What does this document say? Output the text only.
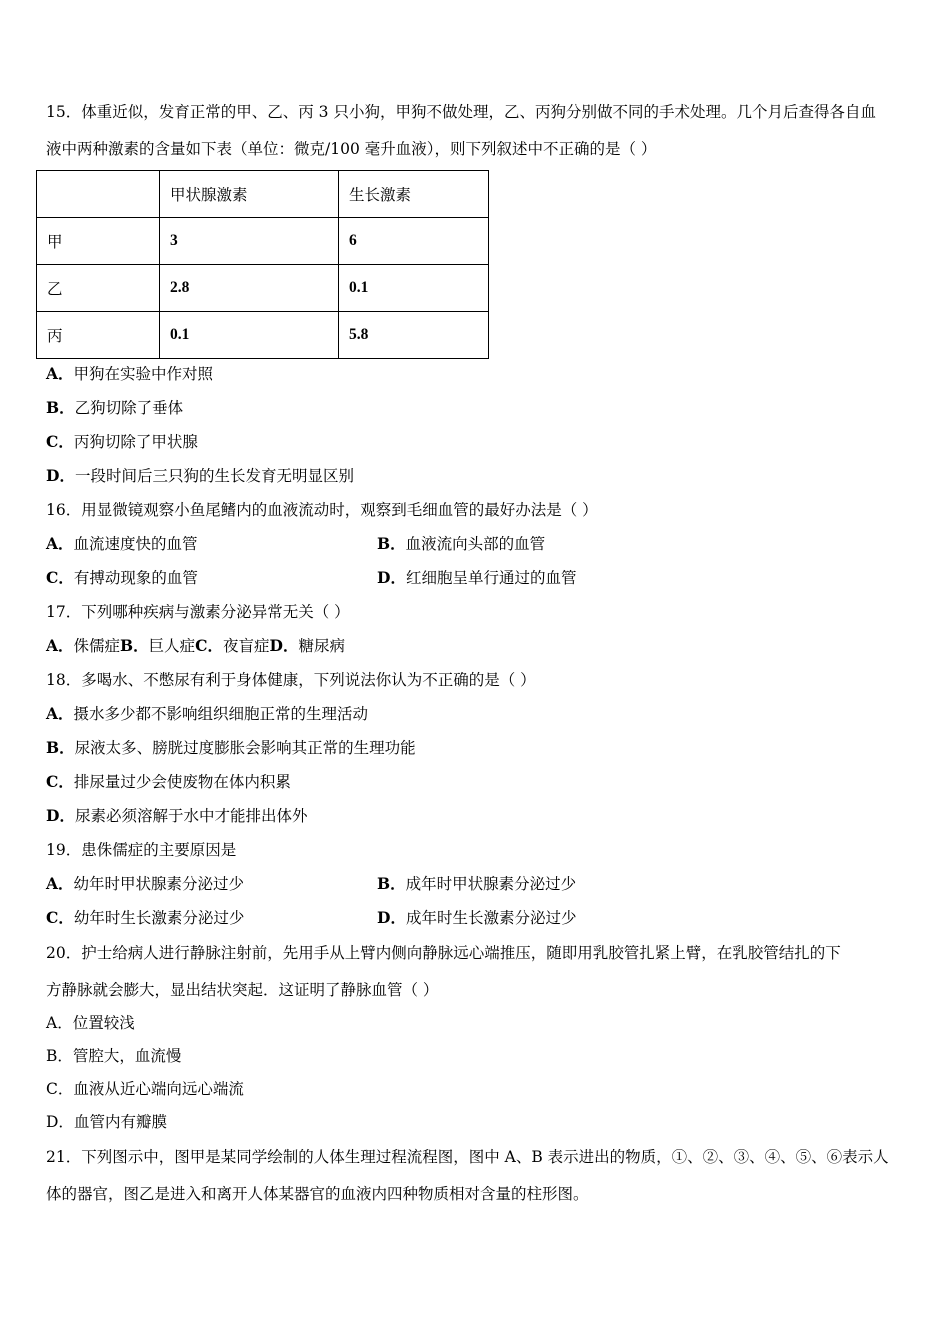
15．体重近似，发育正常的甲、乙、丙 3 只小狗，甲狗不做处理，乙、丙狗分别做不同的手术处理。几个月后查得各自血
液中两种激素的含量如下表（单位：微克/100 毫升血液），则下列叙述中不正确的是（ ）
	甲状腺激素	生长激素
甲	3	6
乙	2.8	0.1
丙	0.1	5.8
A．甲狗在实验中作对照
B．乙狗切除了垂体
C．丙狗切除了甲状腺
D．一段时间后三只狗的生长发育无明显区别
16．用显微镜观察小鱼尾鳍内的血液流动时，观察到毛细血管的最好办法是（ ）
A．血流速度快的血管	B．血液流向头部的血管
C．有搏动现象的血管	D．红细胞呈单行通过的血管
17．下列哪种疾病与激素分泌异常无关（ ）
A．侏儒症B．巨人症C．夜盲症D．糖尿病
18．多喝水、不憋尿有利于身体健康，下列说法你认为不正确的是（ ）
A．摄水多少都不影响组织细胞正常的生理活动
B．尿液太多、膀胱过度膨胀会影响其正常的生理功能
C．排尿量过少会使废物在体内积累
D．尿素必须溶解于水中才能排出体外
19．患侏儒症的主要原因是
A．幼年时甲状腺素分泌过少	B．成年时甲状腺素分泌过少
C．幼年时生长激素分泌过少	D．成年时生长激素分泌过少
20．护士给病人进行静脉注射前，先用手从上臂内侧向静脉远心端推压，随即用乳胶管扎紧上臂，在乳胶管结扎的下
方静脉就会膨大，显出结状突起．这证明了静脉血管（ ）
A．位置较浅
B．管腔大，血流慢
C．血液从近心端向远心端流
D．血管内有瓣膜
21．下列图示中，图甲是某同学绘制的人体生理过程流程图，图中 A、B 表示进出的物质，①、②、③、④、⑤、⑥表示人
体的器官，图乙是进入和离开人体某器官的血液内四种物质相对含量的柱形图。
